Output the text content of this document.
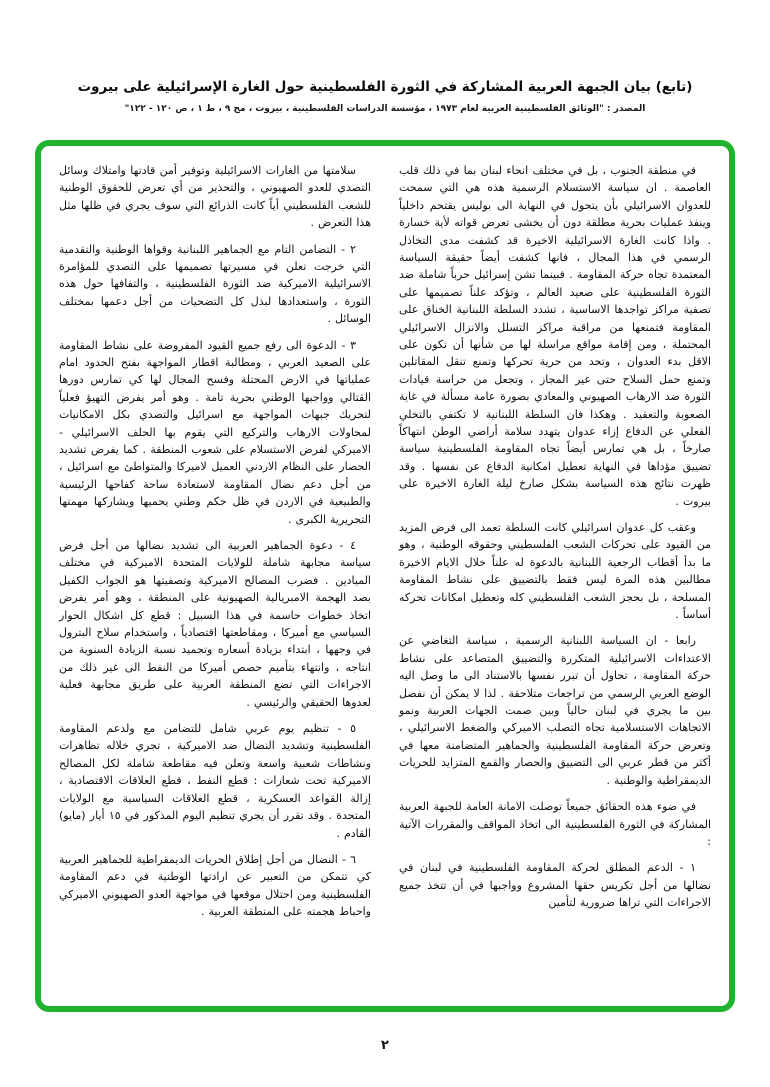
(تابع) بيان الجبهة العربية المشاركة في الثورة الفلسطينية حول الغارة الإسرائيلية على بيروت
المصدر : "الوثائق الفلسطينية العربية لعام ١٩٧٣ ، مؤسسة الدراسات الفلسطينية ، بيروت ، مج ٩ ، ط ١ ، ص ١٢٠ - ١٢٢"

في منطقة الجنوب ، بل في مختلف انحاء لبنان بما في ذلك قلب العاصمة . ان سياسة الاستسلام الرسمية هذه هي التي سمحت للعدوان الاسرائيلي بأن يتحول في النهاية الى بوليس يقتحم داخلياً وينفذ عمليات بحرية مطلقة دون أن يخشى تعرض قواته لأية خسارة . واذا كانت الغارة الاسرائيلية الاخيرة قد كشفت مدى التخاذل الرسمي في هذا المجال ، فانها كشفت أيضاً حقيقة السياسة المعتمدة تجاه حركة المقاومة . فبينما تشن إسرائيل حرباً شاملة ضد الثورة الفلسطينية على صعيد العالم ، وتؤكد علناً تصميمها على تصفية مراكز تواجدها الاساسية ، تشدد السلطة اللبنانية الخناق على المقاومة فتمنعها من مراقبة مراكز التسلل والانزال الاسرائيلي المحتملة ، ومن إقامة مواقع مراسلة لها من شأنها أن تكون على الاقل بدء العدوان ، وتحد من حرية تحركها وتمنع تنقل المقاتلين وتمنع حمل السلاح حتى غير المجاز ، وتجعل من حراسة قيادات الثورة ضد الارهاب الصهيوني والمعادي بصورة عامة مسألة في غاية الصعوبة والتعقيد . وهكذا فان السلطة اللبنانية لا تكتفي بالتخلي الفعلي عن الدفاع إزاء عدوان يتهدد سلامة أراضي الوطن انتهاكاً صارخاً ، بل هي تمارس أيضاً تجاه المقاومة الفلسطينية سياسة تضييق مؤداها في النهاية تعطيل امكانية الدفاع عن نفسها . وقد ظهرت نتائج هذه السياسة بشكل صارخ ليلة الغارة الاخيرة على بيروت .

وعقب كل عدوان اسرائيلي كانت السلطة تعمد الى فرض المزيد من القيود على تحركات الشعب الفلسطيني وحقوقه الوطنية ، وهو ما بدأ أقطاب الرجعية اللبنانية بالدعوة له علناً خلال الايام الاخيرة مطالبين هذه المرة ليس فقط بالتضييق على نشاط المقاومة المسلحة ، بل بحجز الشعب الفلسطيني كله وتعطيل امكانات تحركه أساساً .

رابعا - ان السياسة اللبنانية الرسمية ، سياسة التغاضي عن الاعتداءات الاسرائيلية المتكررة والتضييق المتصاعد على نشاط حركة المقاومة ، تحاول أن تبرر نفسها بالاستناد الى ما وصل اليه الوضع العربي الرسمي من تراجعات متلاحقة . لذا لا يمكن أن نفصل بين ما يجري في لبنان حالياً وبين صمت الجهات العربية ونمو الاتجاهات الاستسلامية تجاه التصلب الاميركي والضغط الاسرائيلي ، وتعرض حركة المقاومة الفلسطينية والجماهير المتضامنة معها في أكثر من قطر عربي الى التضييق والحصار والقمع المتزايد للحريات الديمقراطية والوطنية .

في ضوء هذه الحقائق جميعاً توصلت الامانة العامة للجبهة العربية المشاركة في الثورة الفلسطينية الى اتخاذ المواقف والمقررات الآتية :

١ - الدعم المطلق لحركة المقاومة الفلسطينية في لبنان في نضالها من أجل تكريس حقها المشروع وواجبها في أن تتخذ جميع الاجراءات التي تراها ضرورية لتأمين

سلامتها من الغارات الاسرائيلية وتوفير أمن قادتها وامتلاك وسائل التصدي للعدو الصهيوني ، والتحذير من أي تعرض للحقوق الوطنية للشعب الفلسطيني أياً كانت الذرائع التي سوف يجري في ظلها مثل هذا التعرض .

٢ - التضامن التام مع الجماهير اللبنانية وقواها الوطنية والتقدمية التي خرجت تعلن في مسيرتها تصميمها على التصدي للمؤامرة الاسرائيلية الاميركية ضد الثورة الفلسطينية ، والتفافها حول هذه الثورة ، واستعدادها لبذل كل التضحيات من أجل دعمها بمختلف الوسائل .

٣ - الدعوة الى رفع جميع القيود المفروضة على نشاط المقاومة على الصعيد العربي ، ومطالبة اقطار المواجهة بفتح الحدود امام عملياتها في الارض المحتلة وفسح المجال لها كي تمارس دورها القتالي وواجبها الوطني بحرية تامة . وهو أمر يفرض التهيؤ فعلياً لتحريك جبهات المواجهة مع اسرائيل والتصدي بكل الامكانيات لمحاولات الارهاب والتركيع التي يقوم بها الحلف الاسرائيلي - الاميركي لفرض الاستسلام على شعوب المنطقة . كما يفرض تشديد الحصار على النظام الاردني العميل لاميركا والمتواطئ مع اسرائيل ، من أجل دعم نضال المقاومة لاستعادة ساحة كفاحها الرئيسية والطبيعية في الاردن في ظل حكم وطني يحميها ويشاركها مهمتها التحريرية الكبرى .

٤ - دعوة الجماهير العربية الى تشديد نضالها من أجل فرض سياسة مجابهة شاملة للولايات المتحدة الاميركية في مختلف الميادين . فضرب المصالح الاميركية وتصفيتها هو الجواب الكفيل بصد الهجمة الامبريالية الصهيونية على المنطقة ، وهو أمر يفرض اتخاذ خطوات حاسمة في هذا السبيل : قطع كل اشكال الحوار السياسي مع أميركا ، ومقاطعتها اقتصادياً ، واستخدام سلاح البترول في وجهها ، ابتداء بزيادة أسعاره وتجميد نسبة الزيادة السنوية من انتاجه ، وانتهاء بتأميم حصص أميركا من النفط الى غير ذلك من الاجراءات التي تضع المنطقة العربية على طريق مجابهة فعلية لعدوها الحقيقي والرئيسي .

٥ - تنظيم يوم عربي شامل للتضامن مع ولدعم المقاومة الفلسطينية وتشديد النضال ضد الاميركية ، تجري خلاله تظاهرات ونشاطات شعبية واسعة وتعلن فيه مقاطعة شاملة لكل المصالح الاميركية تحت شعارات : قطع النفط ، قطع العلاقات الاقتصادية ، إزالة القواعد العسكرية ، قطع العلاقات السياسية مع الولايات المتحدة . وقد تقرر أن يجري تنظيم اليوم المذكور في ١٥ أيار (مايو) القادم .

٦ - النضال من أجل إطلاق الحريات الديمقراطية للجماهير العربية كي تتمكن من التعبير عن ارادتها الوطنية في دعم المقاومة الفلسطينية ومن احتلال موقعها في مواجهة العدو الصهيوني الاميركي واحباط هجمته على المنطقة العربية .

٢
